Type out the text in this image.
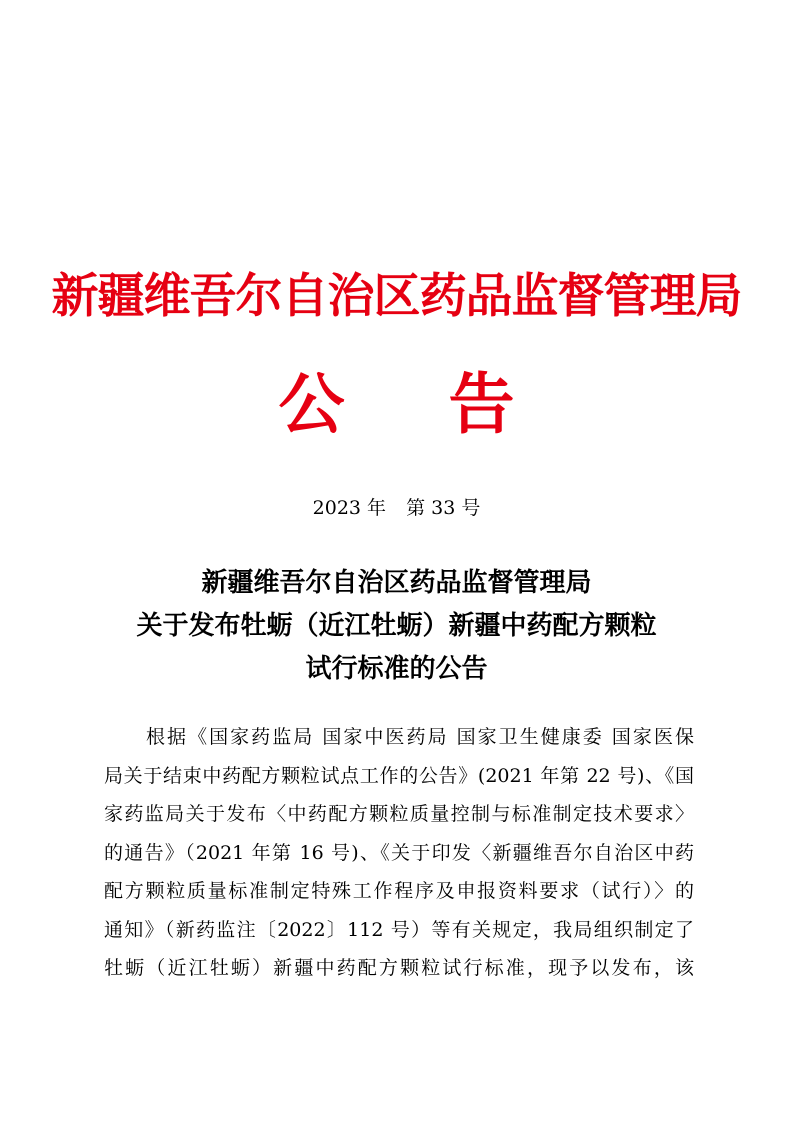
新疆维吾尔自治区药品监督管理局
公告
2023 年 第 33 号
新疆维吾尔自治区药品监督管理局
关于发布牡蛎（近江牡蛎）新疆中药配方颗粒
试行标准的公告
根据《国家药监局 国家中医药局 国家卫生健康委 国家医保
局关于结束中药配方颗粒试点工作的公告》(2021 年第 22 号)、《国
家药监局关于发布〈中药配方颗粒质量控制与标准制定技术要求〉
的通告》（2021 年第 16 号)、《关于印发〈新疆维吾尔自治区中药
配方颗粒质量标准制定特殊工作程序及申报资料要求（试行）〉的
通知》（新药监注〔2022〕112 号）等有关规定，我局组织制定了
牡蛎（近江牡蛎）新疆中药配方颗粒试行标准，现予以发布，该
